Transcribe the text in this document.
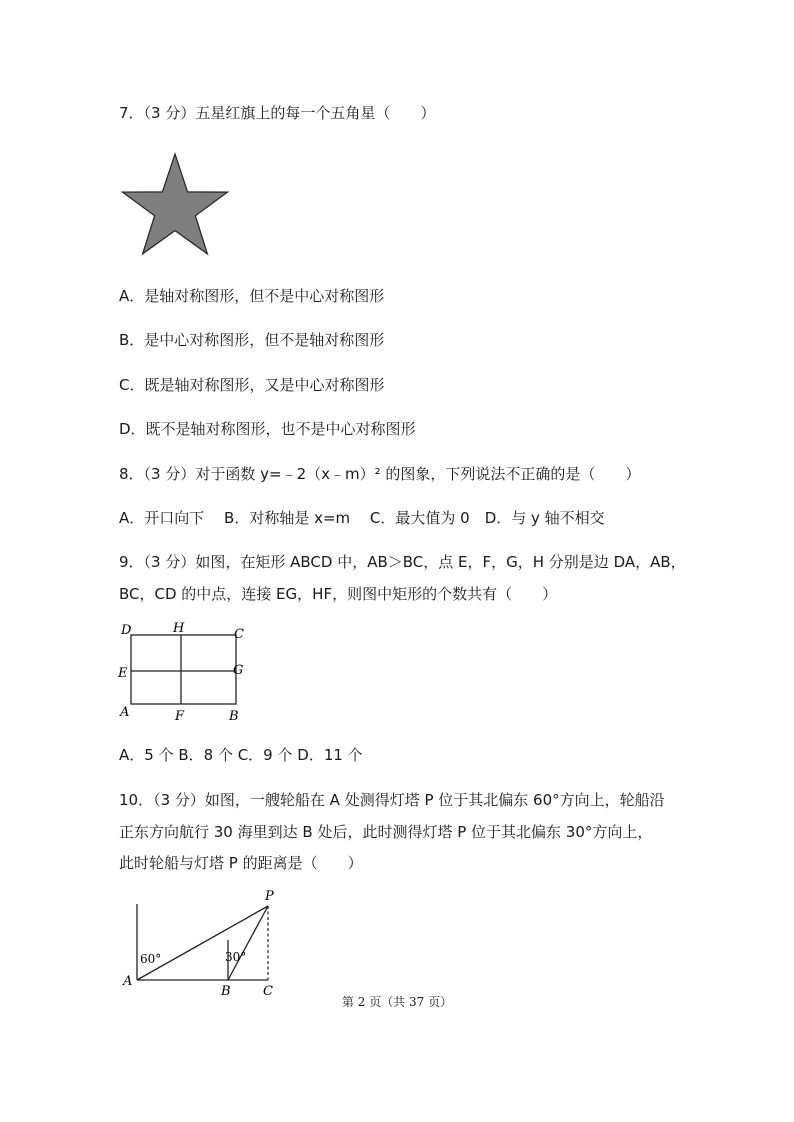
7．（3 分）五星红旗上的每一个五角星（　　）
A．是轴对称图形，但不是中心对称图形
B．是中心对称图形，但不是轴对称图形
C．既是轴对称图形，又是中心对称图形
D．既不是轴对称图形，也不是中心对称图形
8．（3 分）对于函数 y=﹣2（x﹣m）² 的图象，下列说法不正确的是（　　）
A．开口向下　 B．对称轴是 x=m　 C．最大值为 0　D．与 y 轴不相交
9．（3 分）如图，在矩形 ABCD 中，AB＞BC，点 E，F，G，H 分别是边 DA，AB，
BC，CD 的中点，连接 EG，HF，则图中矩形的个数共有（　　）
D	H	C
E	G
A	F	B
A．5 个 B．8 个 C．9 个 D．11 个
10．（3 分）如图，一艘轮船在 A 处测得灯塔 P 位于其北偏东 60°方向上，轮船沿
正东方向航行 30 海里到达 B 处后，此时测得灯塔 P 位于其北偏东 30°方向上，
此时轮船与灯塔 P 的距离是（　　）
P
A
B C
60°	30°
第 2 页（共 37 页）
